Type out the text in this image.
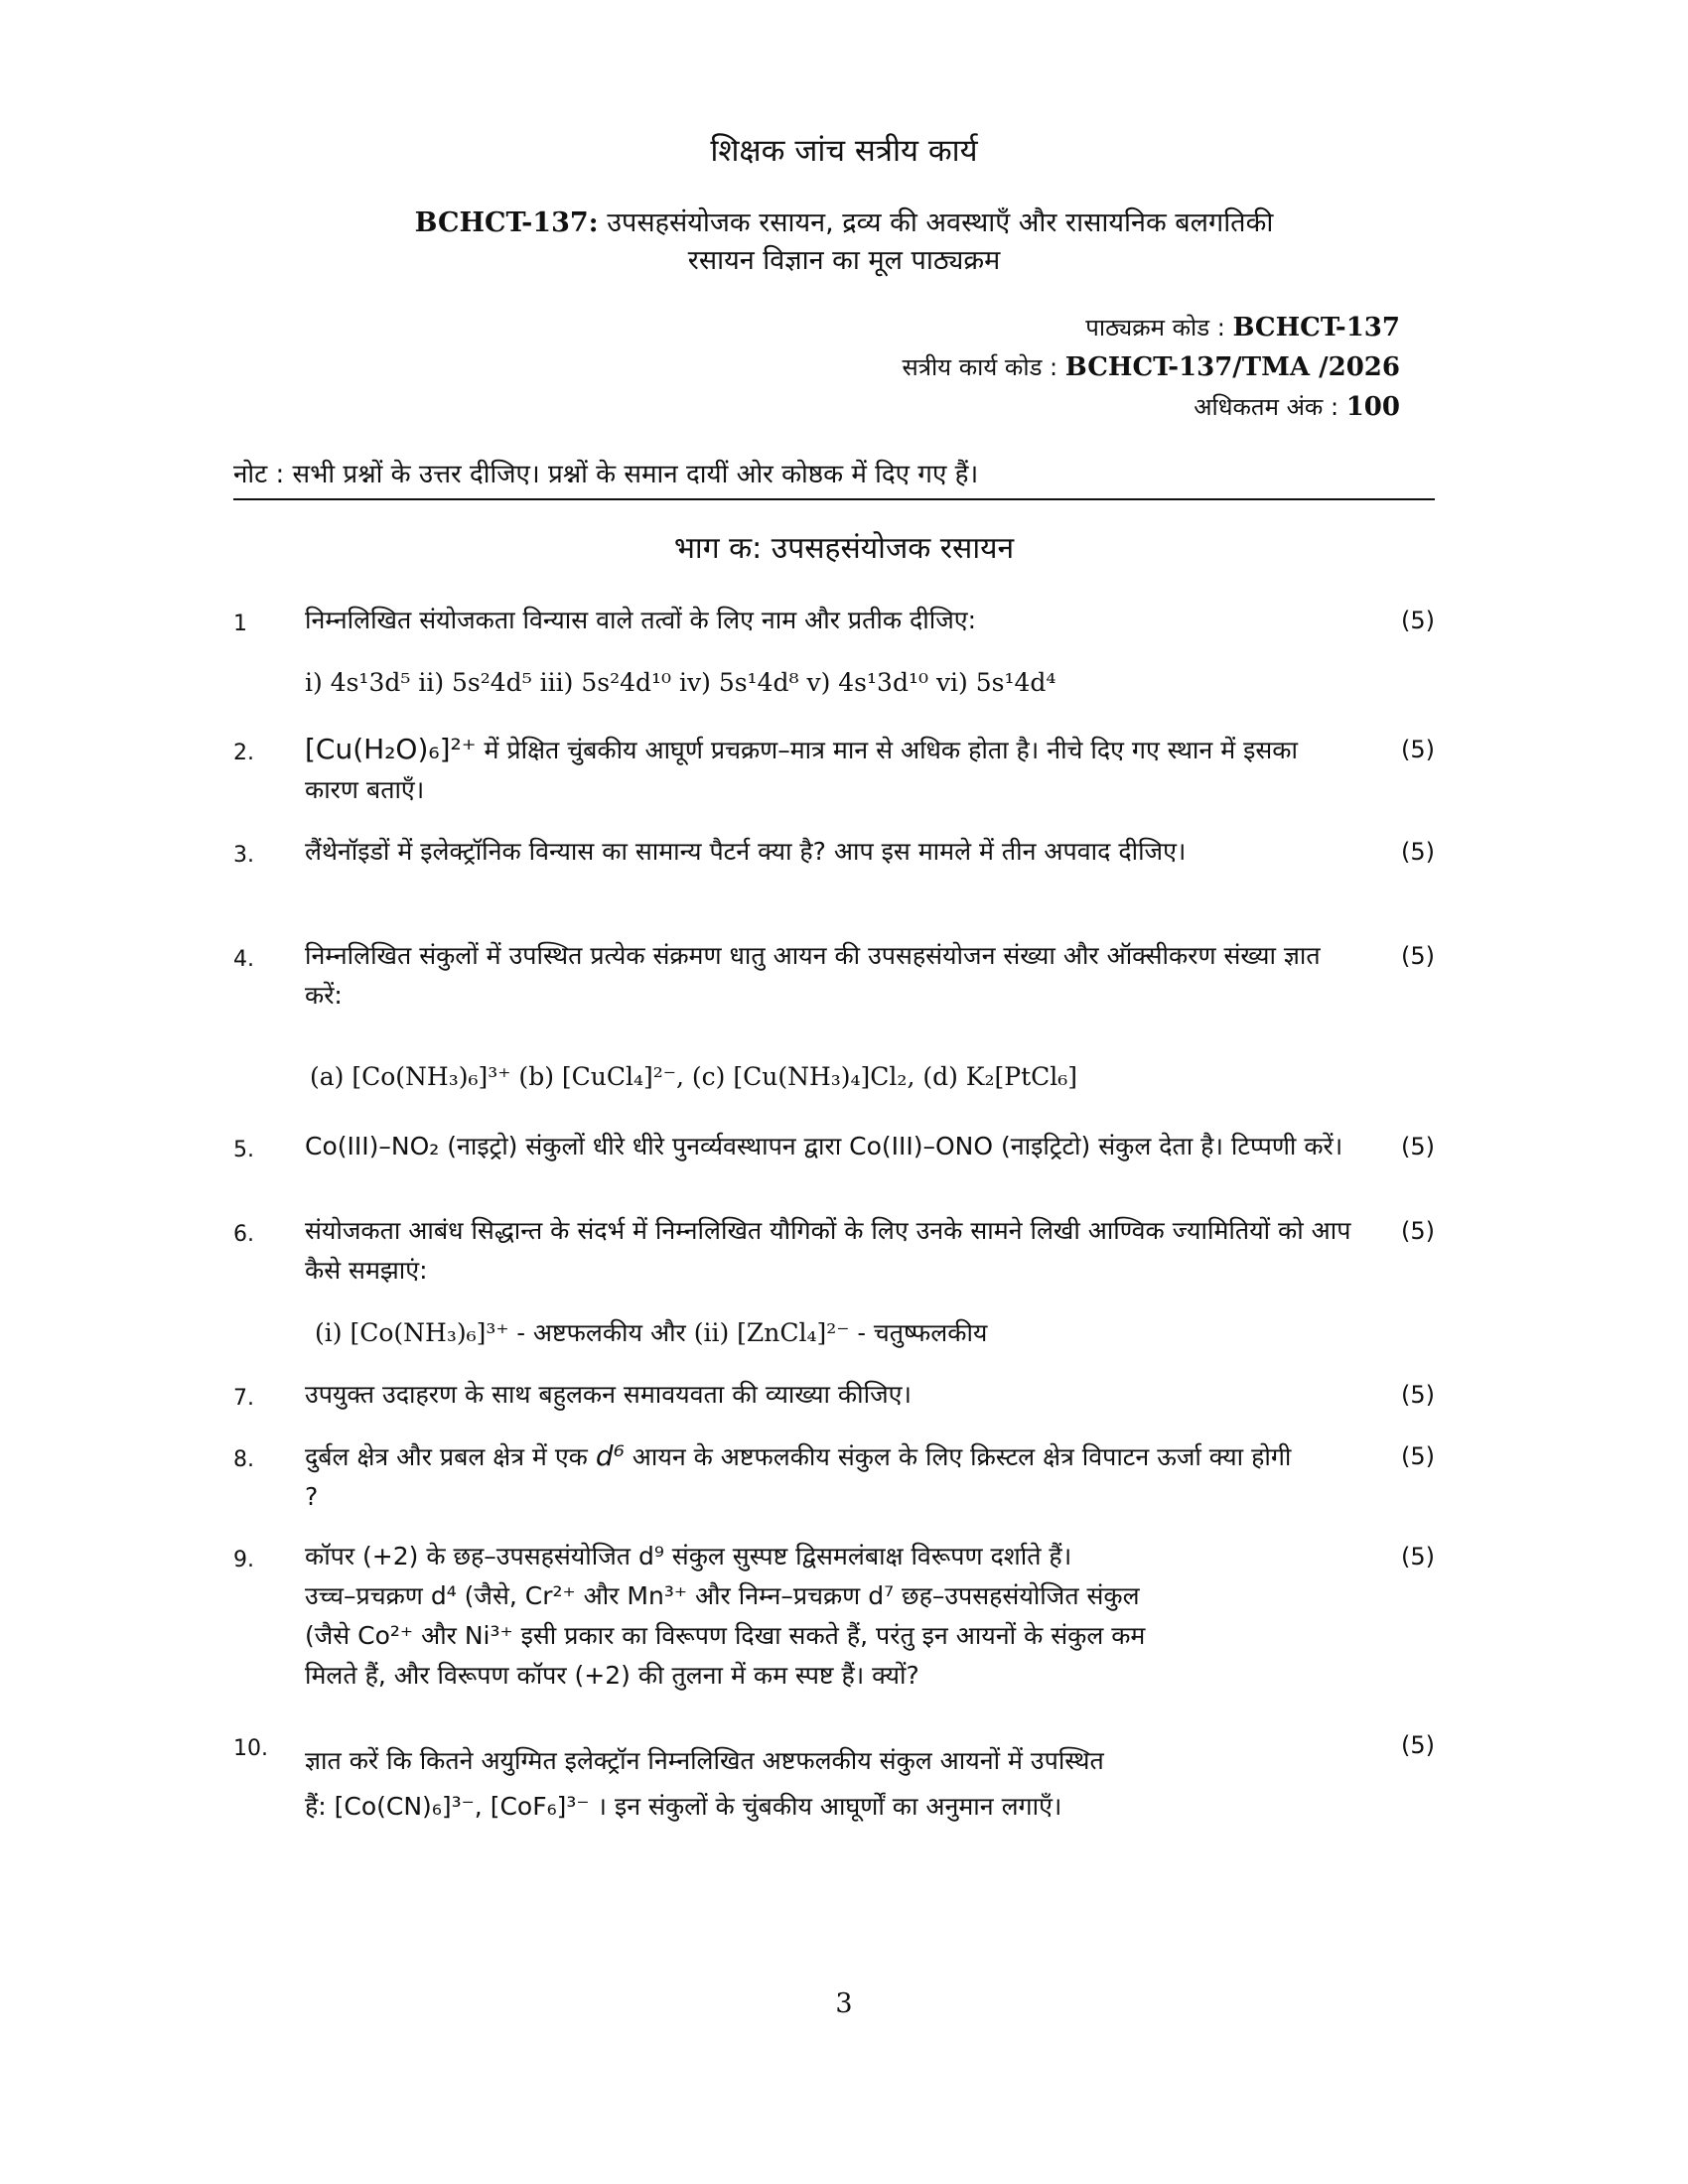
शिक्षक जांच सत्रीय कार्य
BCHCT-137: उपसहसंयोजक रसायन, द्रव्य की अवस्थाएँ और रासायनिक बलगतिकी
रसायन विज्ञान का मूल पाठ्यक्रम
पाठ्यक्रम कोड : BCHCT-137
सत्रीय कार्य कोड : BCHCT-137/TMA /2026
अधिकतम अंक : 100
नोट : सभी प्रश्नों के उत्तर दीजिए। प्रश्नों के समान दायीं ओर कोष्ठक में दिए गए हैं।
भाग क: उपसहसंयोजक रसायन
1 निम्नलिखित संयोजकता विन्यास वाले तत्वों के लिए नाम और प्रतीक दीजिए:	(5)
i) 4s¹3d⁵ ii) 5s²4d⁵ iii) 5s²4d¹⁰ iv) 5s¹4d⁸ v) 4s¹3d¹⁰ vi) 5s¹4d⁴
2. [Cu(H₂O)₆]²⁺ में प्रेक्षित चुंबकीय आघूर्ण प्रचक्रण–मात्र मान से अधिक होता है। नीचे दिए गए स्थान में इसका कारण बताएँ।
(5)
3. लैंथेनॉइडों में इलेक्ट्रॉनिक विन्यास का सामान्य पैटर्न क्या है? आप इस मामले में तीन अपवाद दीजिए।	(5)
4. निम्नलिखित संकुलों में उपस्थित प्रत्येक संक्रमण धातु आयन की उपसहसंयोजन संख्या और ऑक्सीकरण संख्या ज्ञात करें:
(5)
(a) [Co(NH₃)₆]³⁺ (b) [CuCl₄]²⁻, (c) [Cu(NH₃)₄]Cl₂, (d) K₂[PtCl₆]
5. Co(III)–NO₂ (नाइट्रो) संकुलों धीरे धीरे पुनर्व्यवस्थापन द्वारा Co(III)–ONO (नाइट्रिटो) संकुल देता है। टिप्पणी करें।	(5)
6. संयोजकता आबंध सिद्धान्त के संदर्भ में निम्नलिखित यौगिकों के लिए उनके सामने लिखी आण्विक ज्यामितियों को आप कैसे समझाएं:
(5)
(i) [Co(NH₃)₆]³⁺ - अष्टफलकीय और (ii) [ZnCl₄]²⁻ - चतुष्फलकीय
7. उपयुक्त उदाहरण के साथ बहुलकन समावयवता की व्याख्या कीजिए।	(5)
8. दुर्बल क्षेत्र और प्रबल क्षेत्र में एक d⁶ आयन के अष्टफलकीय संकुल के लिए क्रिस्टल क्षेत्र विपाटन ऊर्जा क्या होगी ?
(5)
9. कॉपर (+2) के छह–उपसहसंयोजित d⁹ संकुल सुस्पष्ट द्विसमलंबाक्ष विरूपण दर्शाते हैं।
उच्च–प्रचक्रण d⁴ (जैसे, Cr²⁺ और Mn³⁺ और निम्न–प्रचक्रण d⁷ छह–उपसहसंयोजित संकुल
(जैसे Co²⁺ और Ni³⁺ इसी प्रकार का विरूपण दिखा सकते हैं, परंतु इन आयनों के संकुल कम
मिलते हैं, और विरूपण कॉपर (+2) की तुलना में कम स्पष्ट हैं। क्यों?
(5)
10. ज्ञात करें कि कितने अयुग्मित इलेक्ट्रॉन निम्नलिखित अष्टफलकीय संकुल आयनों में उपस्थित
हैं: [Co(CN)₆]³⁻, [CoF₆]³⁻ । इन संकुलों के चुंबकीय आघूर्णों का अनुमान लगाएँ।
(5)
3
